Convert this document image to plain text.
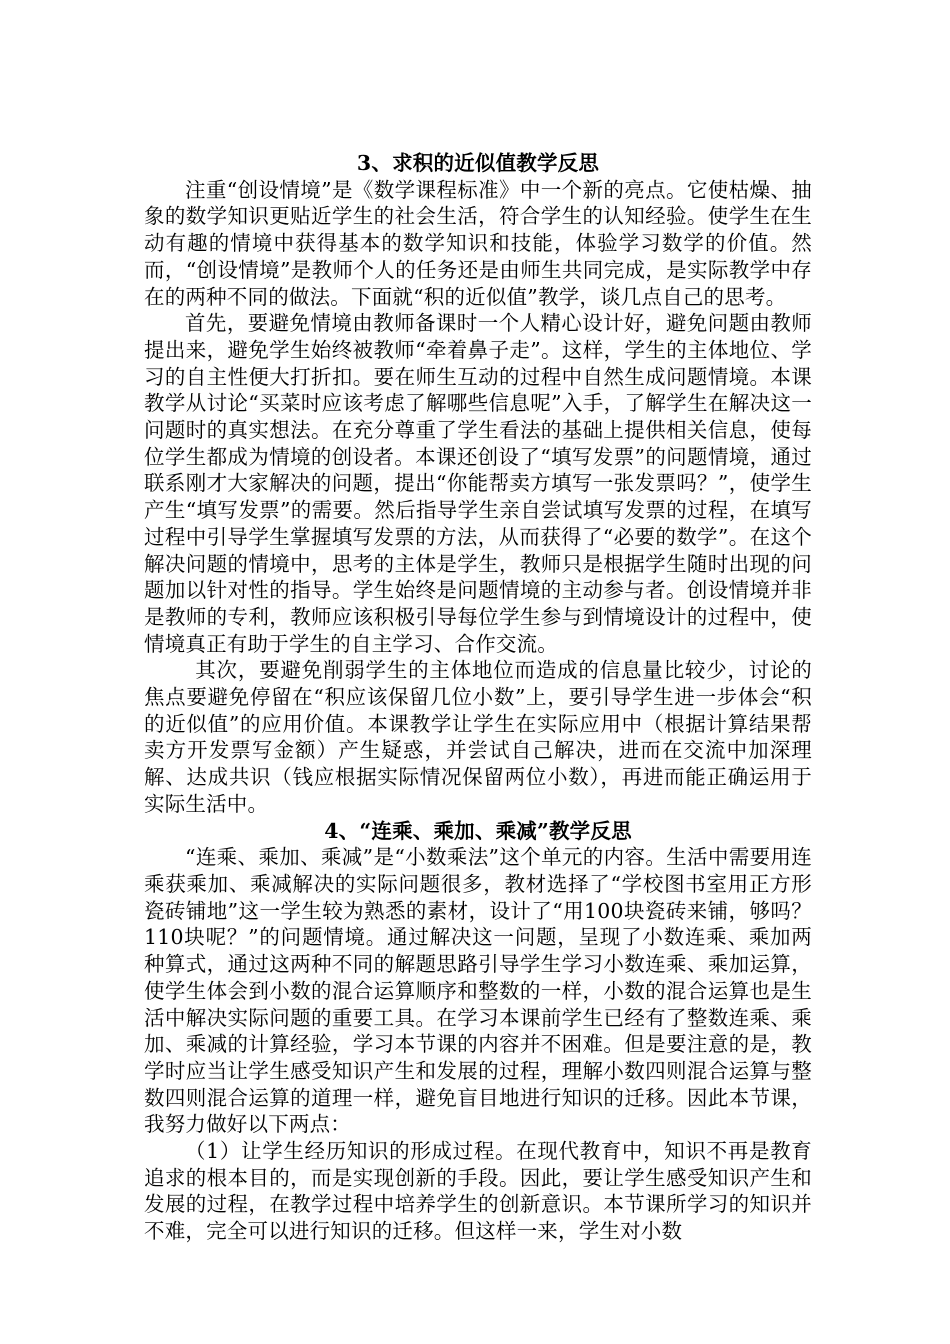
3、求积的近似值教学反思

注重“创设情境”是《数学课程标准》中一个新的亮点。它使枯燥、抽象的数学知识更贴近学生的社会生活，符合学生的认知经验。使学生在生动有趣的情境中获得基本的数学知识和技能，体验学习数学的价值。然而，“创设情境”是教师个人的任务还是由师生共同完成，是实际教学中存在的两种不同的做法。下面就“积的近似值”教学，谈几点自己的思考。

首先，要避免情境由教师备课时一个人精心设计好，避免问题由教师提出来，避免学生始终被教师“牵着鼻子走”。这样，学生的主体地位、学习的自主性便大打折扣。要在师生互动的过程中自然生成问题情境。本课教学从讨论“买菜时应该考虑了解哪些信息呢”入手，了解学生在解决这一问题时的真实想法。在充分尊重了学生看法的基础上提供相关信息，使每位学生都成为情境的创设者。本课还创设了“填写发票”的问题情境，通过联系刚才大家解决的问题，提出“你能帮卖方填写一张发票吗？”，使学生产生“填写发票”的需要。然后指导学生亲自尝试填写发票的过程，在填写过程中引导学生掌握填写发票的方法，从而获得了“必要的数学”。在这个解决问题的情境中，思考的主体是学生，教师只是根据学生随时出现的问题加以针对性的指导。学生始终是问题情境的主动参与者。创设情境并非是教师的专利，教师应该积极引导每位学生参与到情境设计的过程中，使情境真正有助于学生的自主学习、合作交流。

其次，要避免削弱学生的主体地位而造成的信息量比较少，讨论的焦点要避免停留在“积应该保留几位小数”上，要引导学生进一步体会“积的近似值”的应用价值。本课教学让学生在实际应用中（根据计算结果帮卖方开发票写金额）产生疑惑，并尝试自己解决，进而在交流中加深理解、达成共识（钱应根据实际情况保留两位小数），再进而能正确运用于实际生活中。

4、“连乘、乘加、乘减”教学反思

“连乘、乘加、乘减”是“小数乘法”这个单元的内容。生活中需要用连乘获乘加、乘减解决的实际问题很多，教材选择了“学校图书室用正方形瓷砖铺地”这一学生较为熟悉的素材，设计了“用100块瓷砖来铺，够吗？110块呢？”的问题情境。通过解决这一问题，呈现了小数连乘、乘加两种算式，通过这两种不同的解题思路引导学生学习小数连乘、乘加运算，使学生体会到小数的混合运算顺序和整数的一样，小数的混合运算也是生活中解决实际问题的重要工具。在学习本课前学生已经有了整数连乘、乘加、乘减的计算经验，学习本节课的内容并不困难。但是要注意的是，教学时应当让学生感受知识产生和发展的过程，理解小数四则混合运算与整数四则混合运算的道理一样，避免盲目地进行知识的迁移。因此本节课，我努力做好以下两点：

（1）让学生经历知识的形成过程。在现代教育中，知识不再是教育追求的根本目的，而是实现创新的手段。因此，要让学生感受知识产生和发展的过程，在教学过程中培养学生的创新意识。本节课所学习的知识并不难，完全可以进行知识的迁移。但这样一来，学生对小数
